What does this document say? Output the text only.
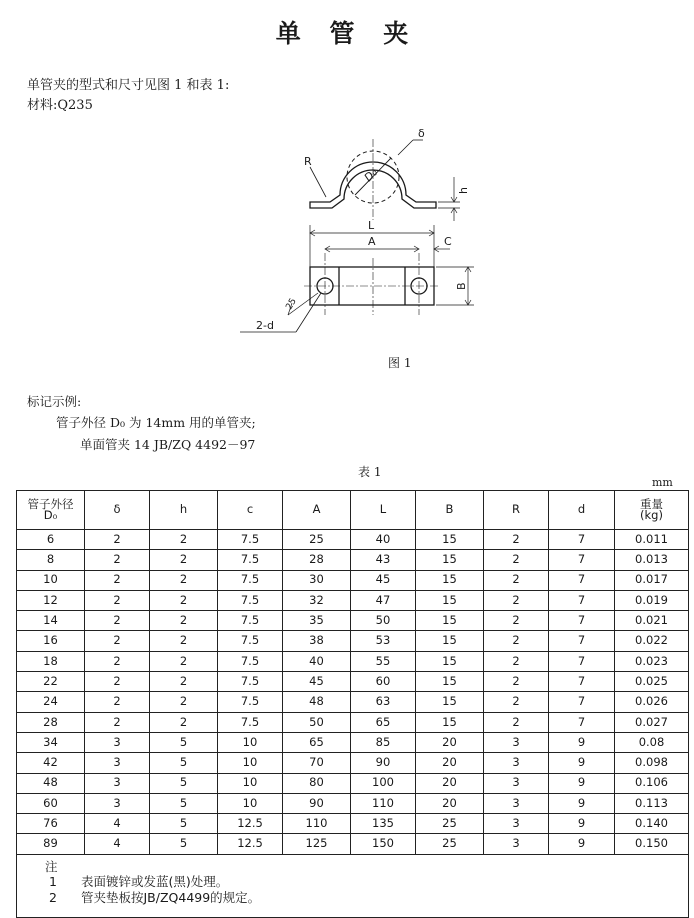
单 管 夹
单管夹的型式和尺寸见图 1 和表 1:
材料:Q235
R
δ
D₀
h
L
A	C
B
25
2-d
图 1
标记示例:
管子外径 D₀ 为 14mm 用的单管夹;
单面管夹 14 JB/ZQ 4492－97
表 1
mm
管子外径
D₀	δ	h	c	A	L	B	R	d	重量
(kg)
6	2	2	7.5	25	40	15	2	7	0.011
8	2	2	7.5	28	43	15	2	7	0.013
10	2	2	7.5	30	45	15	2	7	0.017
12	2	2	7.5	32	47	15	2	7	0.019
14	2	2	7.5	35	50	15	2	7	0.021
16	2	2	7.5	38	53	15	2	7	0.022
18	2	2	7.5	40	55	15	2	7	0.023
22	2	2	7.5	45	60	15	2	7	0.025
24	2	2	7.5	48	63	15	2	7	0.026
28	2	2	7.5	50	65	15	2	7	0.027
34	3	5	10	65	85	20	3	9	0.08
42	3	5	10	70	90	20	3	9	0.098
48	3	5	10	80	100	20	3	9	0.106
60	3	5	10	90	110	20	3	9	0.113
76	4	5	12.5	110	135	25	3	9	0.140
89	4	5	12.5	125	150	25	3	9	0.150

注
1 表面镀锌或发蓝(黑)处理。
2 管夹垫板按JB/ZQ4499的规定。									
